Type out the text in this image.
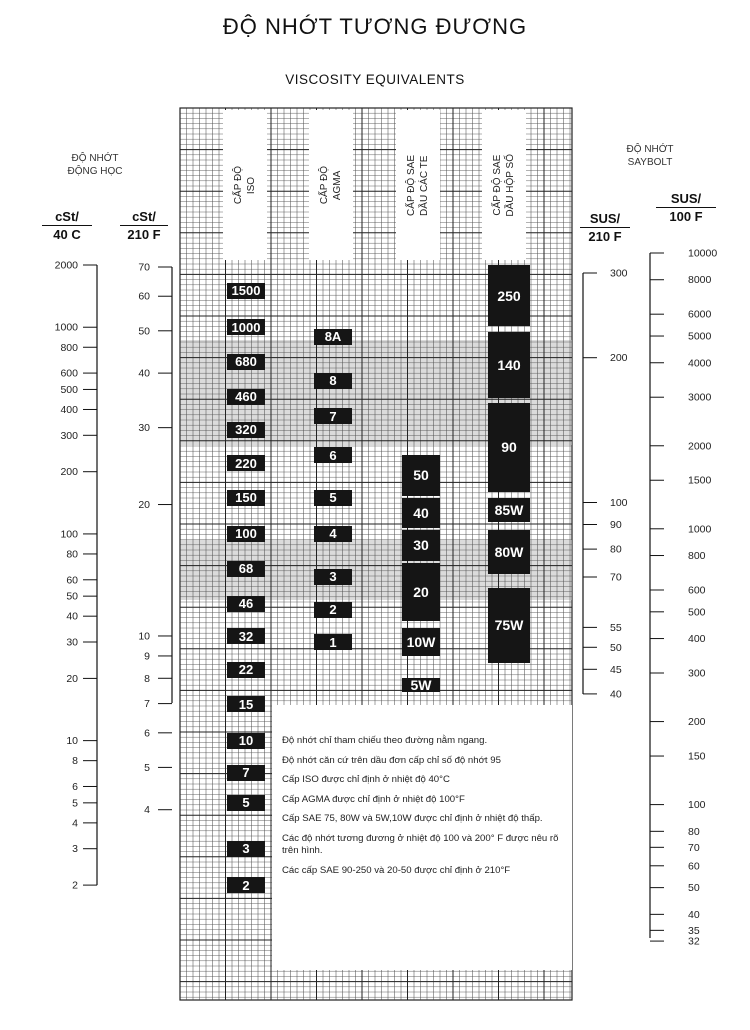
ĐỘ NHỚT TƯƠNG ĐƯƠNG
VISCOSITY EQUIVALENTS
ĐỘ NHỚT
ĐỘNG HỌC
ĐỘ NHỚT
SAYBOLT
cSt/
40 C
cSt/
210 F
SUS/
210 F
SUS/
100 F
2000
1000
800
600
500
400
300
200
100
80
60
50
40
30
20
10
8
6
5
4
3
2
70
60
50
40
30
20
10
9
8
7
6
5
4
300
200
100
90
80
70
55
50
45
40
10000
8000
6000
5000
4000
3000
2000
1500
1000
800
600
500
400
300
200
150
100
80
70
60
50
40
35
32
CẤP ĐỘ
ISO	CẤP ĐỘ
AGMA
CẤP ĐỘ SAE
DẦU CÁC TE
CẤP ĐỘ SAE
DẦU HỘP SỐ
1500
1000
680
460
320
220
150
100
68
46
32
22
15
10
7
5
3
2
8A
8
7
6
5
4
3
2
1
50
40
30
20
10W
5W
250
140
90
85W
80W
75W

Độ nhớt chỉ tham chiếu theo đường nằm ngang.

Độ nhớt căn cứ trên dầu đơn cấp chỉ số độ nhớt 95

Cấp ISO được chỉ định ở nhiệt độ 40°C

Cấp AGMA được chỉ định ở nhiệt độ 100°F

Cấp SAE 75, 80W và 5W,10W được chỉ định ở nhiệt độ thấp.

Các độ nhớt tương đương ở nhiệt độ 100 và 200° F được nêu rõ trên hình.

Các cấp SAE 90-250 và 20-50 được chỉ định ở 210°F
